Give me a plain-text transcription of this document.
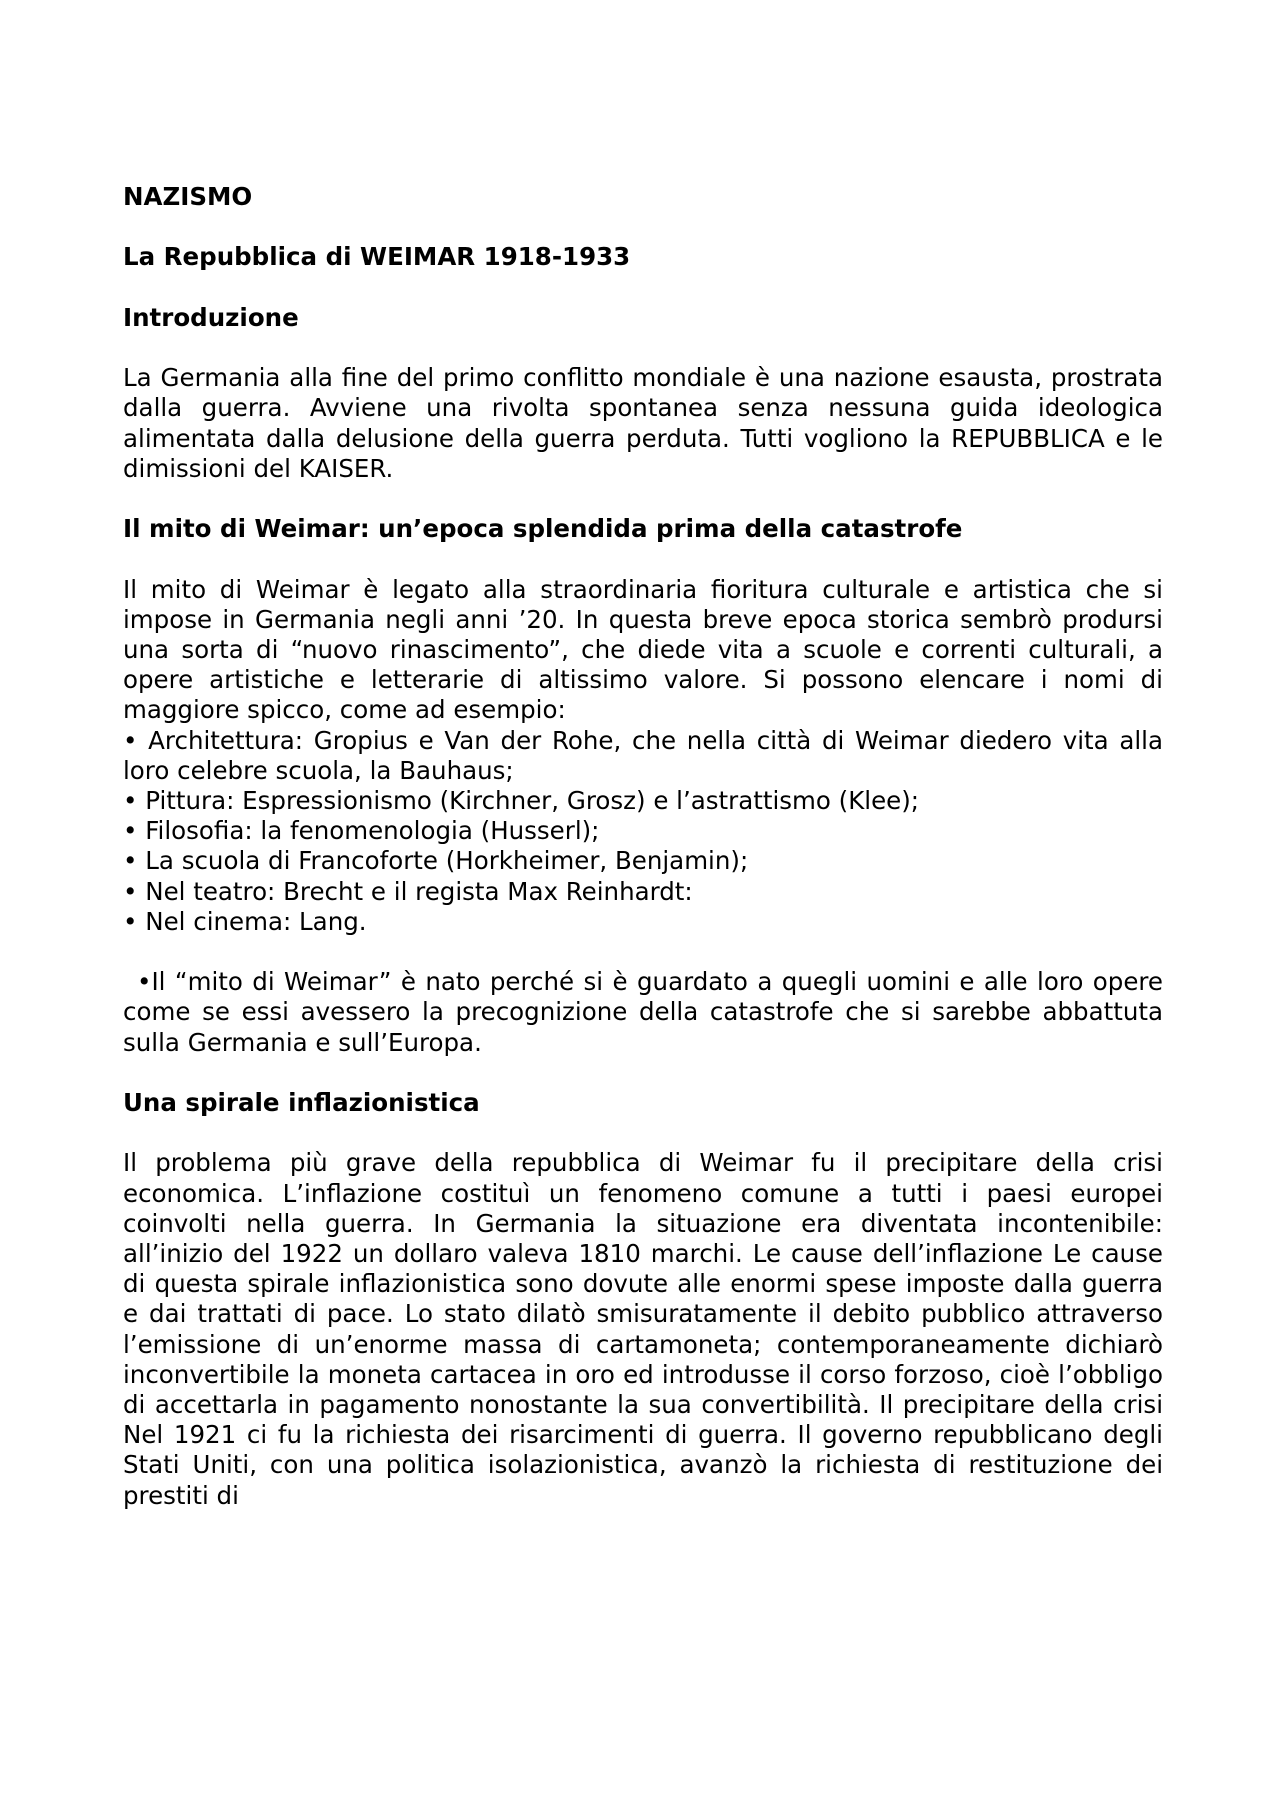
NAZISMO
La Repubblica di WEIMAR 1918-1933
Introduzione

La Germania alla fine del primo conflitto mondiale è una nazione esausta, prostrata dalla guerra. Avviene una rivolta spontanea senza nessuna guida ideologica alimentata dalla delusione della guerra perduta. Tutti vogliono la REPUBBLICA e le dimissioni del KAISER.

Il mito di Weimar: un’epoca splendida prima della catastrofe

Il mito di Weimar è legato alla straordinaria fioritura culturale e artistica che si impose in Germania negli anni ’20. In questa breve epoca storica sembrò prodursi una sorta di “nuovo rinascimento”, che diede vita a scuole e correnti culturali, a opere artistiche e letterarie di altissimo valore. Si possono elencare i nomi di maggiore spicco, come ad esempio:

• Architettura: Gropius e Van der Rohe, che nella città di Weimar diedero vita alla loro celebre scuola, la Bauhaus;

• Pittura: Espressionismo (Kirchner, Grosz) e l’astrattismo (Klee);

• Filosofia: la fenomenologia (Husserl);

• La scuola di Francoforte (Horkheimer, Benjamin);

• Nel teatro: Brecht e il regista Max Reinhardt:

• Nel cinema: Lang.

•Il “mito di Weimar” è nato perché si è guardato a quegli uomini e alle loro opere come se essi avessero la precognizione della catastrofe che si sarebbe abbattuta sulla Germania e sull’Europa.

Una spirale inflazionistica

Il problema più grave della repubblica di Weimar fu il precipitare della crisi economica. L’inflazione costituì un fenomeno comune a tutti i paesi europei coinvolti nella guerra. In Germania la situazione era diventata incontenibile: all’inizio del 1922 un dollaro valeva 1810 marchi. Le cause dell’inflazione Le cause di questa spirale inflazionistica sono dovute alle enormi spese imposte dalla guerra e dai trattati di pace. Lo stato dilatò smisuratamente il debito pubblico attraverso l’emissione di un’enorme massa di cartamoneta; contemporaneamente dichiarò inconvertibile la moneta cartacea in oro ed introdusse il corso forzoso, cioè l’obbligo di accettarla in pagamento nonostante la sua convertibilità. Il precipitare della crisi Nel 1921 ci fu la richiesta dei risarcimenti di guerra. Il governo repubblicano degli Stati Uniti, con una politica isolazionistica, avanzò la richiesta di restituzione dei prestiti di
